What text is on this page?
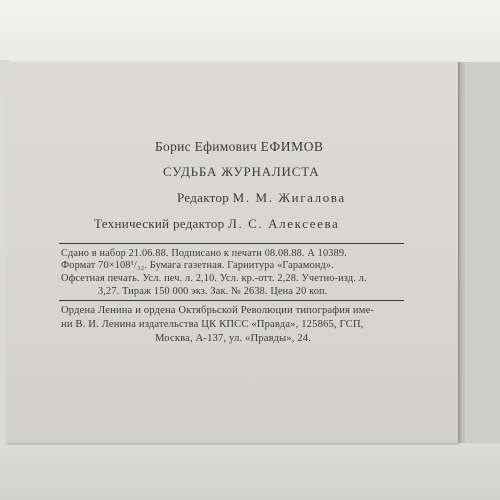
Борис Ефимович ЕФИМОВ
СУДЬБА ЖУРНАЛИСТА
Редактор М. М. Жигалова
Технический редактор Л. С. Алексеева
Сдано в набор 21.06.88. Подписано к печати 08.08.88. А 10389.
Формат 70×108¹/₃₂. Бумага газетная. Гарнитура «Гарамонд».
Офсетная печать. Усл. печ. л. 2,10. Усл. кр.-отт. 2,28. Учетно-изд. л.
3,27. Тираж 150 000 экз. Зак. № 2638. Цена 20 коп.
Ордена Ленина и ордена Октябрьской Революции типография име-
ни В. И. Ленина издательства ЦК КПСС «Правда», 125865, ГСП,
Москва, А-137, ул. «Правды», 24.
